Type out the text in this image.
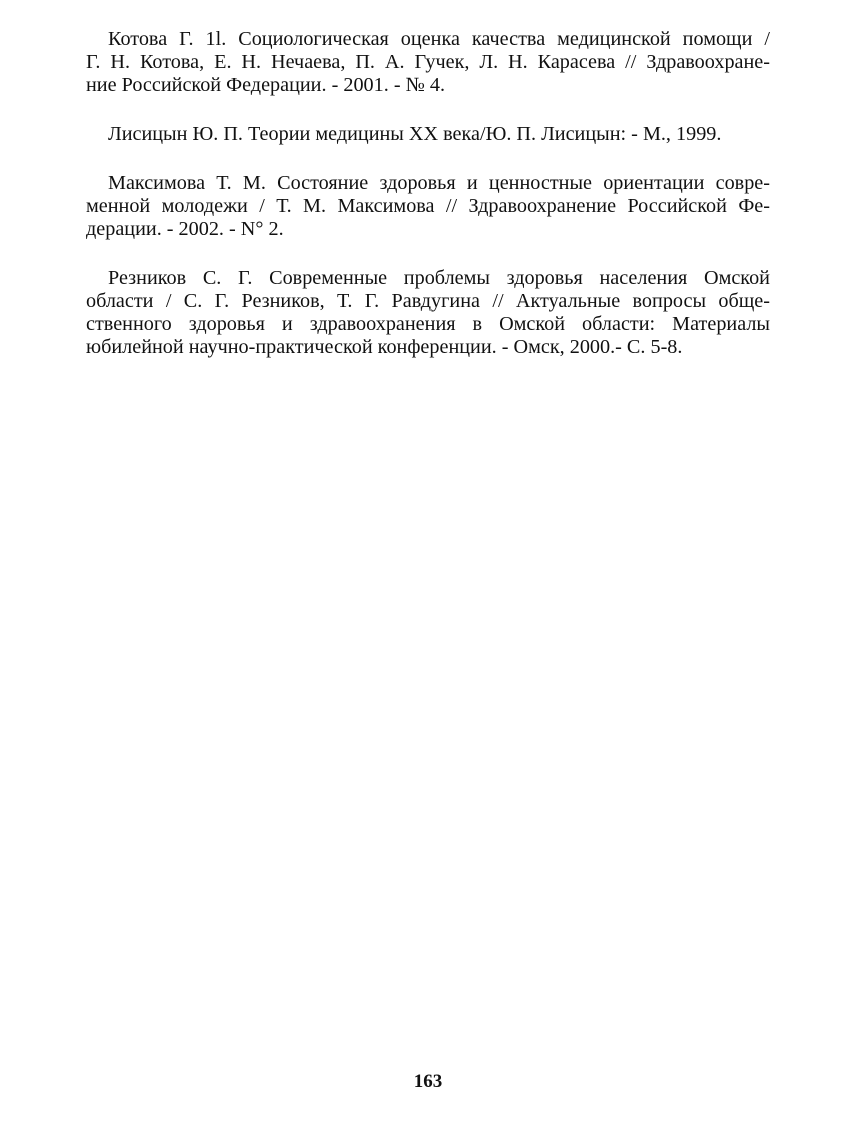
Котова Г. 1l. Социологическая оценка качества медицинской помощи /
Г. Н. Котова, Е. Н. Нечаева, П. А. Гучек, Л. Н. Карасева // Здравоохране-
ние Российской Федерации. - 2001. - № 4.

Лисицын Ю. П. Теории медицины XX века/Ю. П. Лисицын: - М., 1999.

Максимова Т. М. Состояние здоровья и ценностные ориентации совре-
менной молодежи / Т. М. Максимова // Здравоохранение Российской Фе-
дерации. - 2002. - N° 2.

Резников С. Г. Современные проблемы здоровья населения Омской
области / С. Г. Резников, Т. Г. Равдугина // Актуальные вопросы обще-
ственного здоровья и здравоохранения в Омской области: Материалы
юбилейной научно-практической конференции. - Омск, 2000.- С. 5-8.

163
